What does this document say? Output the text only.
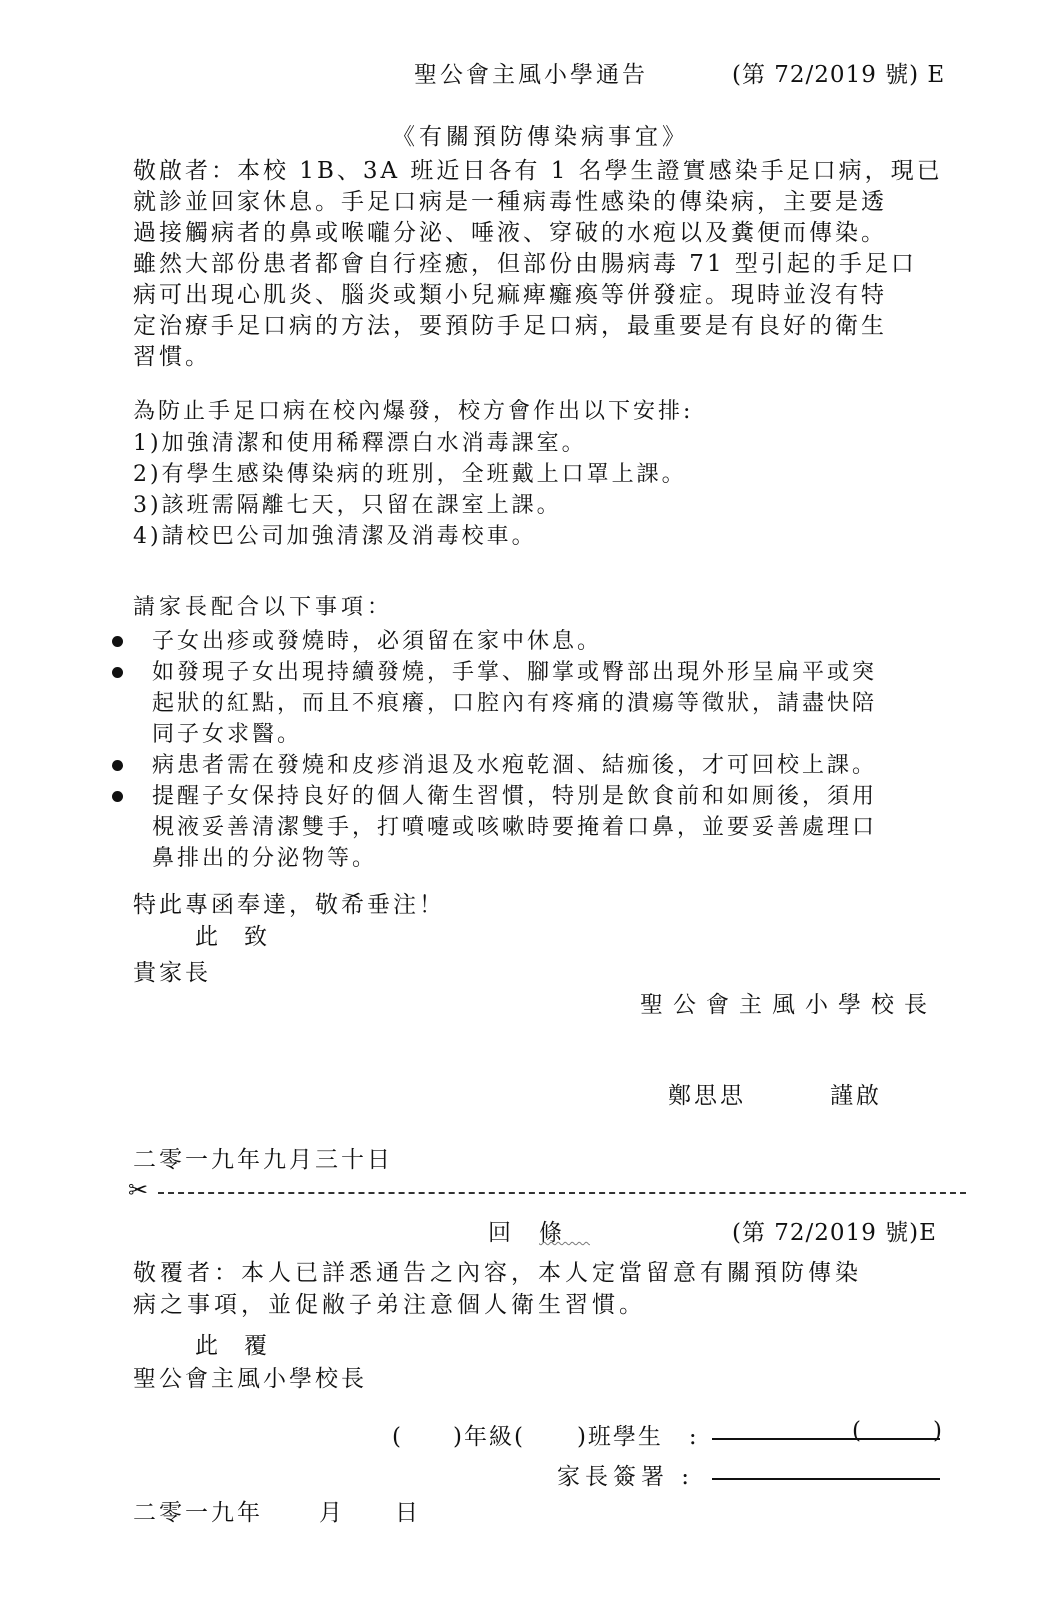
聖公會主風小學通告	(第 72/2019 號) E
《有關預防傳染病事宜》
敬啟者：本校 1B、3A 班近日各有 1 名學生證實感染手足口病，現已
就診並回家休息。手足口病是一種病毒性感染的傳染病，主要是透
過接觸病者的鼻或喉嚨分泌、唾液、穿破的水疱以及糞便而傳染。
雖然大部份患者都會自行痊癒，但部份由腸病毒 71 型引起的手足口
病可出現心肌炎、腦炎或類小兒痲痺癱瘓等併發症。現時並沒有特
定治療手足口病的方法，要預防手足口病，最重要是有良好的衛生
習慣。
為防止手足口病在校內爆發，校方會作出以下安排:
1)加強清潔和使用稀釋漂白水消毒課室。
2)有學生感染傳染病的班別，全班戴上口罩上課。
3)該班需隔離七天，只留在課室上課。
4)請校巴公司加強清潔及消毒校車。
請家長配合以下事項：
子女出疹或發燒時，必須留在家中休息。
如發現子女出現持續發燒，手掌、腳掌或臀部出現外形呈扁平或突
起狀的紅點，而且不痕癢，口腔內有疼痛的潰瘍等徵狀，請盡快陪
同子女求醫。
病患者需在發燒和皮疹消退及水疱乾涸、結痂後，才可回校上課。
提醒子女保持良好的個人衛生習慣，特別是飲食前和如厠後，須用
梘液妥善清潔雙手，打噴嚏或咳嗽時要掩着口鼻，並要妥善處理口
鼻排出的分泌物等。
特此專函奉達，敬希垂注！
此致
貴家長
聖公會主風小學校長
鄭思思	謹啟
二零一九年九月三十日
✂
回條	(第 72/2019 號)E
敬覆者：本人已詳悉通告之內容，本人定當留意有關預防傳染
病之事項，並促敝子弟注意個人衛生習慣。
此覆
聖公會主風小學校長
( )年級( )班學生 :	(	)
家長簽署 :
二零一九年 月 日
